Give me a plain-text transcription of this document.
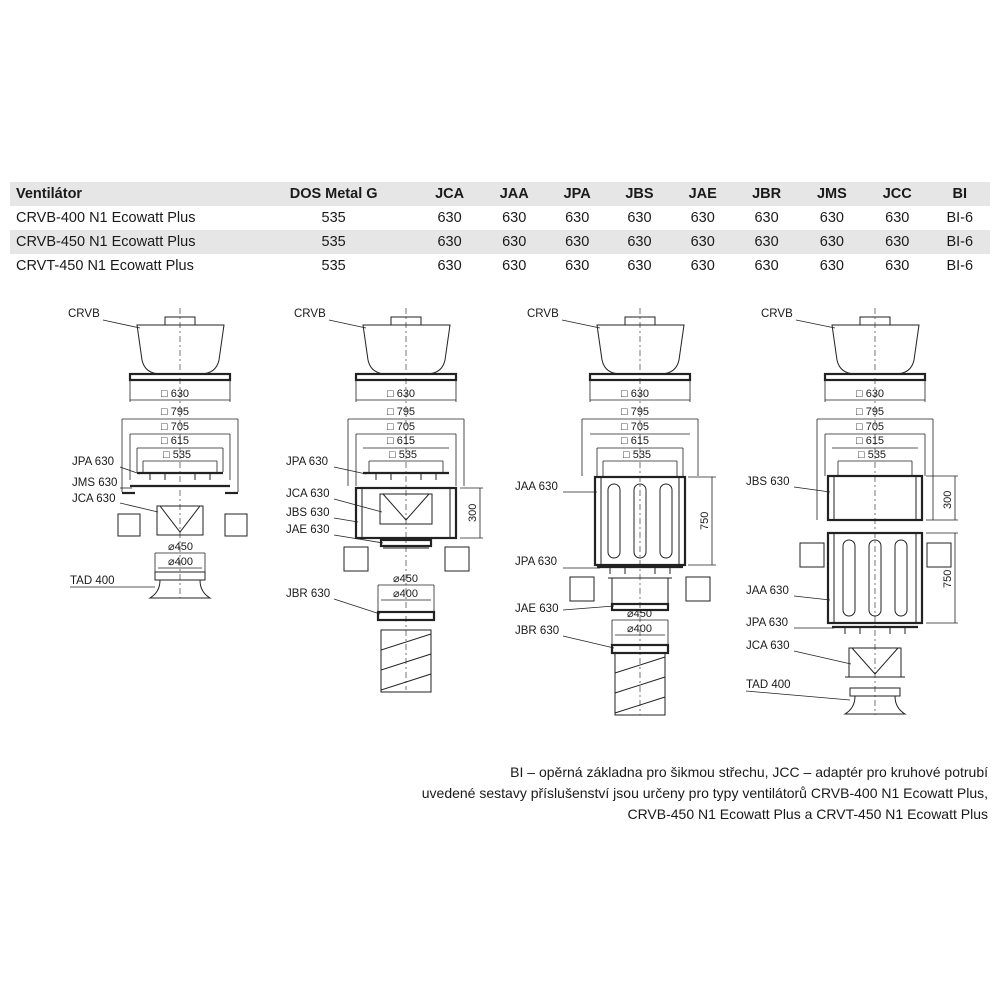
Ventilátor	DOS Metal G	JCA	JAA	JPA	JBS	JAE	JBR	JMS	JCC	BI
CRVB-400 N1 Ecowatt Plus	535	630	630	630	630	630	630	630	630	BI-6
CRVB-450 N1 Ecowatt Plus	535	630	630	630	630	630	630	630	630	BI-6
CRVT-450 N1 Ecowatt Plus	535	630	630	630	630	630	630	630	630	BI-6
□ 630
□ 795
□ 705
□ 615
□ 535
⌀450
⌀400
CRVB
JPA 630
JMS 630
JCA 630
TAD 400
□ 630
□ 795
□ 705
□ 615
□ 535
300
⌀450
⌀400
CRVB
JPA 630
JCA 630
JBS 630
JAE 630
JBR 630
□ 630
□ 795
□ 705
□ 615
□ 535
750
⌀450
⌀400
CRVB
JAA 630
JPA 630
JAE 630
JBR 630
□ 630
□ 795
□ 705
□ 615
□ 535
300
750
CRVB
JBS 630
JAA 630
JPA 630
JCA 630
TAD 400
BI – opěrná základna pro šikmou střechu, JCC – adaptér pro kruhové potrubí
uvedené sestavy příslušenství jsou určeny pro typy ventilátorů CRVB-400 N1 Ecowatt Plus,
CRVB-450 N1 Ecowatt Plus a CRVT-450 N1 Ecowatt Plus
